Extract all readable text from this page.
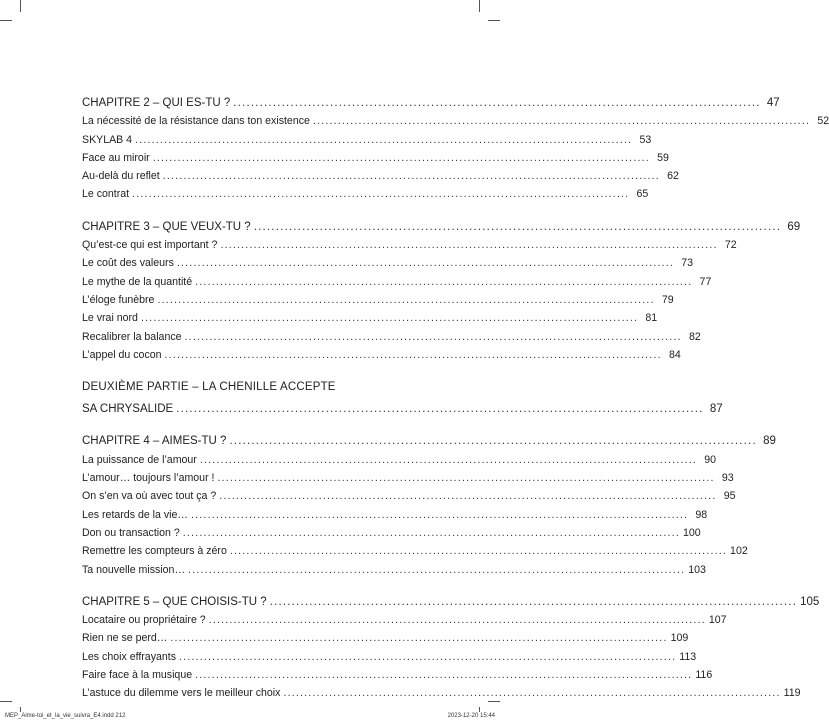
CHAPITRE 2 – QUI ES-TU ? ........................................................................................................................ 47
La nécessité de la résistance dans ton existence ........................................................................................................................ 52
SKYLAB 4 ........................................................................................................................ 53
Face au miroir ........................................................................................................................ 59
Au-delà du reflet ........................................................................................................................ 62
Le contrat ........................................................................................................................ 65
CHAPITRE 3 – QUE VEUX-TU ? ........................................................................................................................ 69
Qu’est-ce qui est important ? ........................................................................................................................ 72
Le coût des valeurs ........................................................................................................................ 73
Le mythe de la quantité ........................................................................................................................ 77
L’éloge funèbre ........................................................................................................................ 79
Le vrai nord ........................................................................................................................ 81
Recalibrer la balance ........................................................................................................................ 82
L’appel du cocon ........................................................................................................................ 84
DEUXIÈME PARTIE – LA CHENILLE ACCEPTE
SA CHRYSALIDE ........................................................................................................................ 87
CHAPITRE 4 – AIMES-TU ? ........................................................................................................................ 89
La puissance de l’amour ........................................................................................................................ 90
L’amour… toujours l’amour ! ........................................................................................................................ 93
On s’en va où avec tout ça ? ........................................................................................................................ 95
Les retards de la vie… ........................................................................................................................ 98
Don ou transaction ? ........................................................................................................................ 100
Remettre les compteurs à zéro ........................................................................................................................ 102
Ta nouvelle mission… ........................................................................................................................ 103
CHAPITRE 5 – QUE CHOISIS-TU ? ........................................................................................................................ 105
Locataire ou propriétaire ? ........................................................................................................................ 107
Rien ne se perd… ........................................................................................................................ 109
Les choix effrayants ........................................................................................................................ 113
Faire face à la musique ........................................................................................................................ 116
L’astuce du dilemme vers le meilleur choix ........................................................................................................................ 119
MEP_Aime-toi_et_la_vie_suivra_E4.indd 212	2023-12-20 15:44
